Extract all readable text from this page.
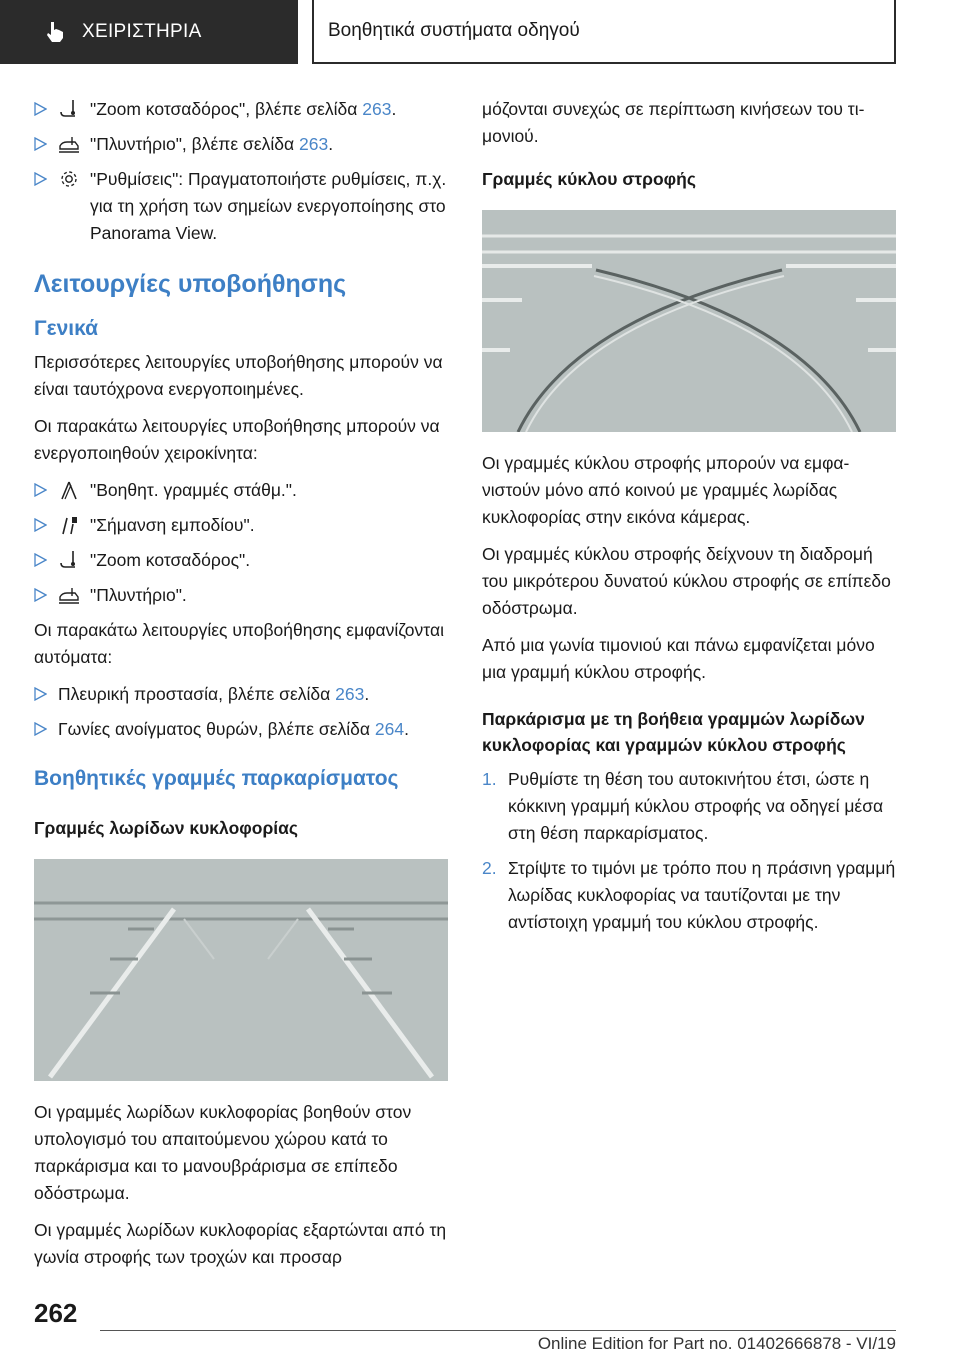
ΧΕΙΡΙΣΤΗΡΙΑ	Βοηθητικά συστήματα οδηγού
"Zoom κοτσαδόρος", βλέπε σελίδα 263.
"Πλυντήριο", βλέπε σελίδα 263.
"Ρυθμίσεις": Πραγματοποιήστε ρυθμίσεις, π.χ. για τη χρήση των σημείων ενεργοποίησης στο Panorama View.
Λειτουργίες υποβοήθησης
Γενικά

Περισσότερες λειτουργίες υποβοήθησης μπορούν να είναι ταυτόχρονα ενεργοποιημένες.

Οι παρακάτω λειτουργίες υποβοήθησης μπορούν να ενεργοποιηθούν χειροκίνητα:

"Βοηθητ. γραμμές στάθμ.".
"Σήμανση εμποδίου".
"Zoom κοτσαδόρος".
"Πλυντήριο".

Οι παρακάτω λειτουργίες υποβοήθησης εμφανίζονται αυτόματα:

Πλευρική προστασία, βλέπε σελίδα 263.
Γωνίες ανοίγματος θυρών, βλέπε σελίδα 264.
Βοηθητικές γραμμές παρκαρίσματος
Γραμμές λωρίδων κυκλοφορίας

Οι γραμμές λωρίδων κυκλοφορίας βοηθούν στον υπολογισμό του απαιτούμενου χώρου κατά το παρκάρισμα και το μανουβράρισμα σε επίπεδο οδόστρωμα.

Οι γραμμές λωρίδων κυκλοφορίας εξαρτώνται από τη γωνία στροφής των τροχών και προσαρ

μόζονται συνεχώς σε περίπτωση κινήσεων του τιμονιού.

Γραμμές κύκλου στροφής

Οι γραμμές κύκλου στροφής μπορούν να εμφανιστούν μόνο από κοινού με γραμμές λωρίδας κυκλοφορίας στην εικόνα κάμερας.

Οι γραμμές κύκλου στροφής δείχνουν τη διαδρομή του μικρότερου δυνατού κύκλου στροφής σε επίπεδο οδόστρωμα.

Από μια γωνία τιμονιού και πάνω εμφανίζεται μόνο μια γραμμή κύκλου στροφής.

Παρκάρισμα με τη βοήθεια γραμμών λωρίδων κυκλοφορίας και γραμμών κύκλου στροφής
1. Ρυθμίστε τη θέση του αυτοκινήτου έτσι, ώστε η κόκκινη γραμμή κύκλου στροφής να οδηγεί μέσα στη θέση παρκαρίσματος.
2. Στρίψτε το τιμόνι με τρόπο που η πράσινη γραμμή λωρίδας κυκλοφορίας να ταυτίζονται με την αντίστοιχη γραμμή του κύκλου στροφής.
262
Online Edition for Part no. 01402666878 - VI/19
